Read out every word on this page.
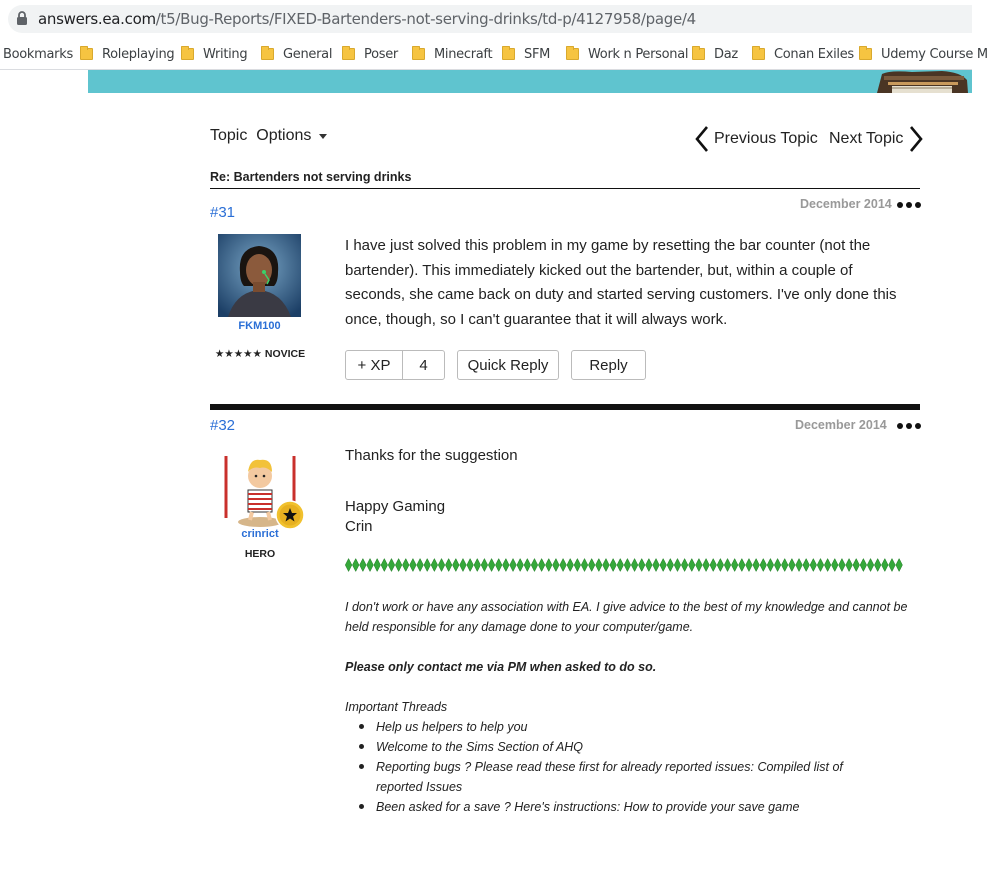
answers.ea.com/t5/Bug-Reports/FIXED-Bartenders-not-serving-drinks/td-p/4127958/page/4
Bookmarks Roleplaying Writing	General Poser	Minecraft SFM	Work n Personal Daz	Conan Exiles Udemy Course M
Topic  Options	Previous Topic Next Topic
Re: Bartenders not serving drinks
#31	December 2014
FKM100
★★★★★ NOVICE
I have just solved this problem in my game by resetting the bar counter (not the bartender). This immediately kicked out the bartender, but, within a couple of seconds, she came back on duty and started serving customers. I've only done this once, though, so I can't guarantee that it will always work.
+ XP	4	Quick Reply	Reply
#32	December 2014
crinrict
HERO
Thanks for the suggestion
Happy Gaming
Crin
I don't work or have any association with EA. I give advice to the best of my knowledge and cannot be held responsible for any damage done to your computer/game.
Please only contact me via PM when asked to do so.
Important Threads
Help us helpers to help you
Welcome to the Sims Section of AHQ
Reporting bugs ? Please read these first for already reported issues: Compiled list of reported Issues
Been asked for a save ? Here's instructions: How to provide your save game
